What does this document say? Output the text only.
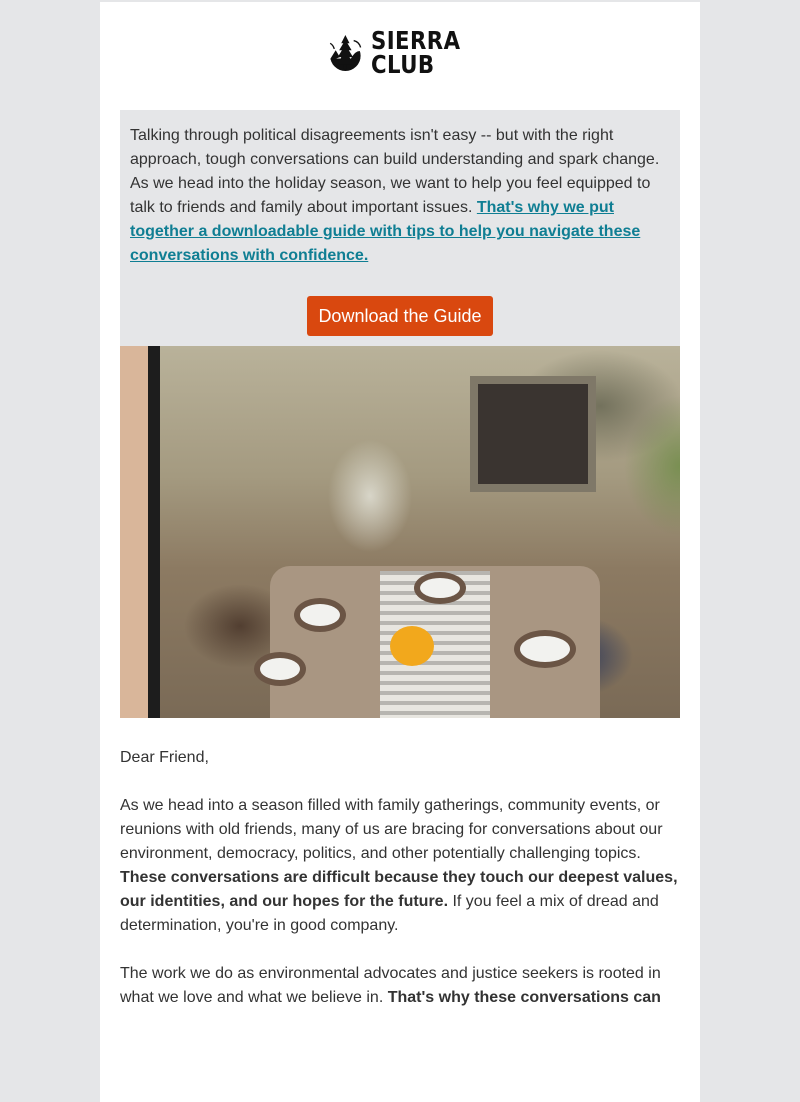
SIERRA
CLUB

Talking through political disagreements isn't easy -- but with the right approach, tough conversations can build understanding and spark change. As we head into the holiday season, we want to help you feel equipped to talk to friends and family about important issues. That's why we put together a downloadable guide with tips to help you navigate these conversations with confidence.

Download the Guide

Dear Friend,

As we head into a season filled with family gatherings, community events, or reunions with old friends, many of us are bracing for conversations about our environment, democracy, politics, and other potentially challenging topics. These conversations are difficult because they touch our deepest values, our identities, and our hopes for the future. If you feel a mix of dread and determination, you're in good company.

The work we do as environmental advocates and justice seekers is rooted in what we love and what we believe in. That's why these conversations can
